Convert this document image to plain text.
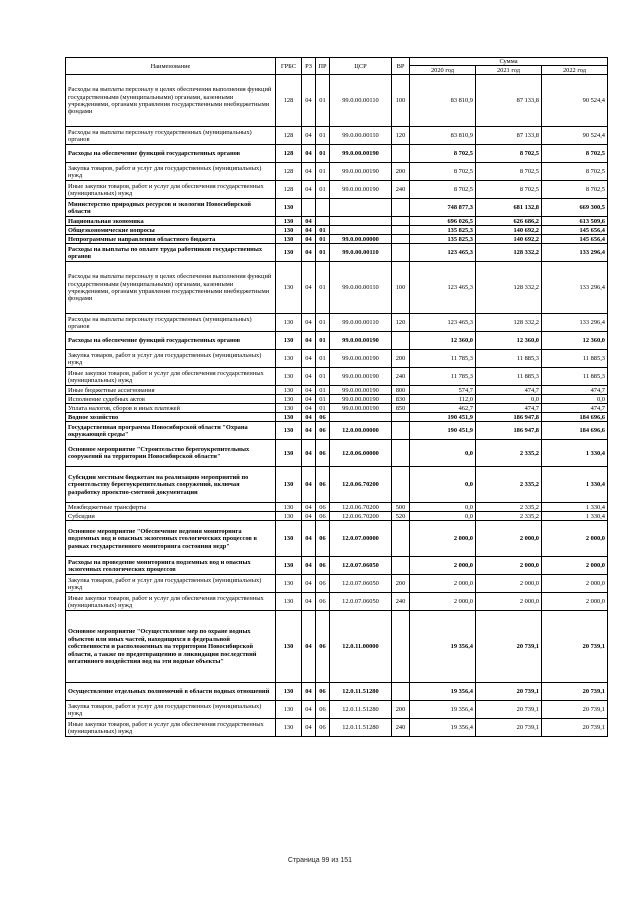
Наименование	ГРБС	РЗ	ПР	ЦСР	ВР	Сумма		
						2020 год	2021 год	2022 год
Расходы на выплаты персоналу в целях обеспечения выполнения функций государственными (муниципальными) органами, казенными учреждениями, органами управления государственными внебюджетными фондами	128	04	01	99.0.00.00110	100	83 810,9	87 133,8	90 524,4
Расходы на выплаты персоналу государственных (муниципальных) органов	128	04	01	99.0.00.00110	120	83 810,9	87 133,8	90 524,4
Расходы на обеспечение функций государственных органов	128	04	01	99.0.00.00190		8 702,5	8 702,5	8 702,5
Закупка товаров, работ и услуг для государственных (муниципальных) нужд	128	04	01	99.0.00.00190	200	8 702,5	8 702,5	8 702,5
Иные закупки товаров, работ и услуг для обеспечения государственных (муниципальных) нужд	128	04	01	99.0.00.00190	240	8 702,5	8 702,5	8 702,5
Министерство природных ресурсов и экологии Новосибирской области	130					748 877,3	681 132,8	669 300,5
Национальная экономика	130	04				696 026,5	626 686,2	613 509,6
Общеэкономические вопросы	130	04	01			135 825,3	140 692,2	145 656,4
Непрограммные направления областного бюджета	130	04	01	99.0.00.00000		135 825,3	140 692,2	145 656,4
Расходы на выплаты по оплате труда работников государственных органов	130	04	01	99.0.00.00110		123 465,3	128 332,2	133 296,4
Расходы на выплаты персоналу в целях обеспечения выполнения функций государственными (муниципальными) органами, казенными учреждениями, органами управления государственными внебюджетными фондами	130	04	01	99.0.00.00110	100	123 465,3	128 332,2	133 296,4
Расходы на выплаты персоналу государственных (муниципальных) органов	130	04	01	99.0.00.00110	120	123 465,3	128 332,2	133 296,4
Расходы на обеспечение функций государственных органов	130	04	01	99.0.00.00190		12 360,0	12 360,0	12 360,0
Закупка товаров, работ и услуг для государственных (муниципальных) нужд	130	04	01	99.0.00.00190	200	11 785,3	11 885,3	11 885,3
Иные закупки товаров, работ и услуг для обеспечения государственных (муниципальных) нужд	130	04	01	99.0.00.00190	240	11 785,3	11 885,3	11 885,3
Иные бюджетные ассигнования	130	04	01	99.0.00.00190	800	574,7	474,7	474,7
Исполнение судебных актов	130	04	01	99.0.00.00190	830	112,0	0,0	0,0
Уплата налогов, сборов и иных платежей	130	04	01	99.0.00.00190	850	462,7	474,7	474,7
Водное хозяйство	130	04	06			190 451,9	186 947,8	184 696,6
Государственная программа Новосибирской области "Охрана окружающей среды"	130	04	06	12.0.00.00000		190 451,9	186 947,8	184 696,6
Основное мероприятие "Строительство берегоукрепительных сооружений на территории Новосибирской области"	130	04	06	12.0.06.00000		0,0	2 335,2	1 330,4
Субсидии местным бюджетам на реализацию мероприятий по строительству берегоукрепительных сооружений, включая разработку проектно-сметной документации	130	04	06	12.0.06.70200		0,0	2 335,2	1 330,4
Межбюджетные трансферты	130	04	06	12.0.06.70200	500	0,0	2 335,2	1 330,4
Субсидии	130	04	06	12.0.06.70200	520	0,0	2 335,2	1 330,4
Основное мероприятие "Обеспечение ведения мониторинга подземных вод и опасных экзогенных геологических процессов в рамках государственного мониторинга состояния недр"	130	04	06	12.0.07.00000		2 000,0	2 000,0	2 000,0
Расходы на проведение мониторинга подземных вод и опасных экзогенных геологических процессов	130	04	06	12.0.07.06050		2 000,0	2 000,0	2 000,0
Закупка товаров, работ и услуг для государственных (муниципальных) нужд	130	04	06	12.0.07.06050	200	2 000,0	2 000,0	2 000,0
Иные закупки товаров, работ и услуг для обеспечения государственных (муниципальных) нужд	130	04	06	12.0.07.06050	240	2 000,0	2 000,0	2 000,0
Основное мероприятие "Осуществление мер по охране водных объектов или иных частей, находящихся в федеральной собственности и расположенных на территории Новосибирской области, а также по предотвращению и ликвидации последствий негативного воздействия вод на эти водные объекты"	130	04	06	12.0.11.00000		19 356,4	20 739,1	20 739,1
Осуществление отдельных полномочий в области водных отношений	130	04	06	12.0.11.51280		19 356,4	20 739,1	20 739,1
Закупка товаров, работ и услуг для государственных (муниципальных) нужд	130	04	06	12.0.11.51280	200	19 356,4	20 739,1	20 739,1
Иные закупки товаров, работ и услуг для обеспечения государственных (муниципальных) нужд	130	04	06	12.0.11.51280	240	19 356,4	20 739,1	20 739,1
Страница 99 из 151
